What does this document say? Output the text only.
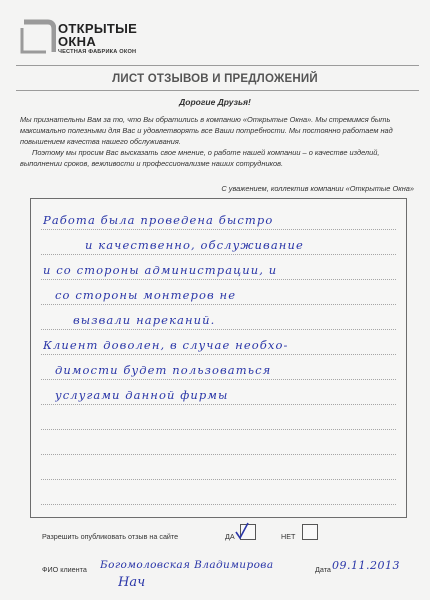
ОТКРЫТЫЕ
ОКНА
ЧЕСТНАЯ ФАБРИКА ОКОН
ЛИСТ ОТЗЫВОВ И ПРЕДЛОЖЕНИЙ
Дорогие Друзья!

Мы признательны Вам за то, что Вы обратились в компанию «Открытые Окна». Мы стремимся быть максимально полезными для Вас и удовлетворять все Ваши потребности. Мы постоянно работаем над повышением качества нашего обслуживания.

Поэтому мы просим Вас высказать свое мнение, о работе нашей компании – о качестве изделий, выполнении сроков, вежливости и профессионализме наших сотрудников.

С уважением, коллектив компании «Открытые Окна»
Работа была проведена быстро
и качественно, обслуживание
и со стороны администрации, и
со стороны монтеров не
вызвали нареканий.
Клиент доволен, в случае необхо-
димости будет пользоваться
услугами данной фирмы
Разрешить опубликовать отзыв на сайте	ДА	НЕТ
ФИО клиента Богомоловская Владимирова	Дата 09.11.2013
Нач
